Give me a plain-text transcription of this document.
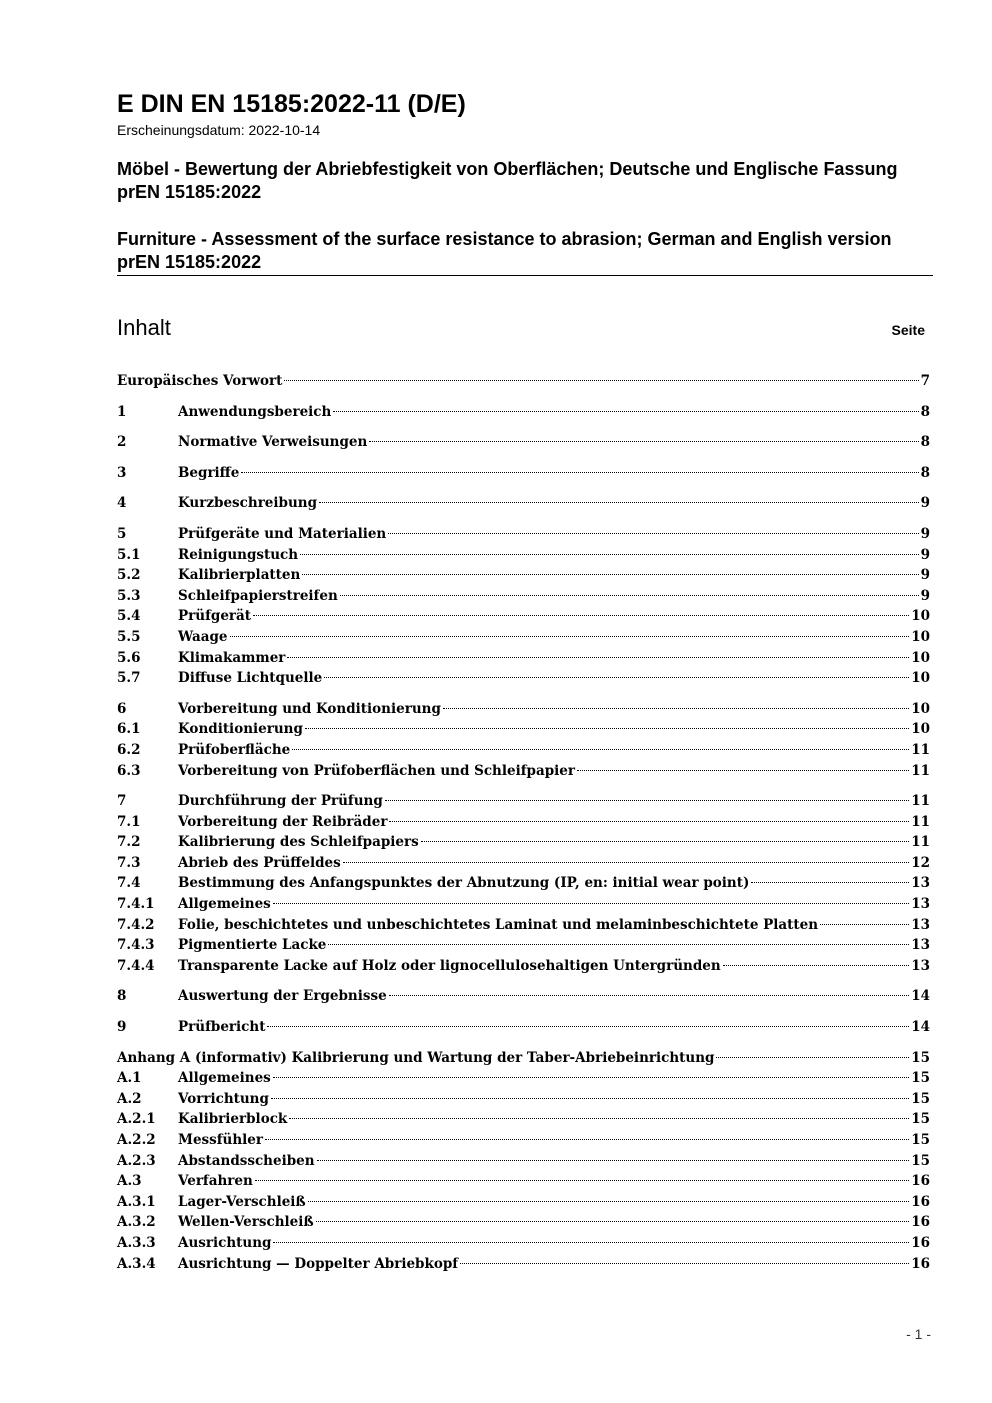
E DIN EN 15185:2022-11 (D/E)
Erscheinungsdatum: 2022-10-14
Möbel - Bewertung der Abriebfestigkeit von Oberflächen; Deutsche und Englische Fassung prEN 15185:2022
Furniture - Assessment of the surface resistance to abrasion; German and English version prEN 15185:2022
Inhalt	Seite
Europäisches Vorwort	7
1	Anwendungsbereich	8
2	Normative Verweisungen	8
3	Begriffe	8
4	Kurzbeschreibung	9
5	Prüfgeräte und Materialien	9
5.1	Reinigungstuch	9
5.2	Kalibrierplatten	9
5.3	Schleifpapierstreifen	9
5.4	Prüfgerät	10
5.5	Waage	10
5.6	Klimakammer	10
5.7	Diffuse Lichtquelle	10
6	Vorbereitung und Konditionierung	10
6.1	Konditionierung	10
6.2	Prüfoberfläche	11
6.3	Vorbereitung von Prüfoberflächen und Schleifpapier	11
7	Durchführung der Prüfung	11
7.1	Vorbereitung der Reibräder	11
7.2	Kalibrierung des Schleifpapiers	11
7.3	Abrieb des Prüffeldes	12
7.4	Bestimmung des Anfangspunktes der Abnutzung (IP, en: initial wear point)	13
7.4.1	Allgemeines	13
7.4.2	Folie, beschichtetes und unbeschichtetes Laminat und melaminbeschichtete Platten	13
7.4.3	Pigmentierte Lacke	13
7.4.4	Transparente Lacke auf Holz oder lignocellulosehaltigen Untergründen	13
8	Auswertung der Ergebnisse	14
9	Prüfbericht	14
Anhang A (informativ) Kalibrierung und Wartung der Taber-Abriebeinrichtung	15
A.1	Allgemeines	15
A.2	Vorrichtung	15
A.2.1	Kalibrierblock	15
A.2.2	Messfühler	15
A.2.3	Abstandsscheiben	15
A.3	Verfahren	16
A.3.1	Lager-Verschleiß	16
A.3.2	Wellen-Verschleiß	16
A.3.3	Ausrichtung	16
A.3.4	Ausrichtung — Doppelter Abriebkopf	16
- 1 -
